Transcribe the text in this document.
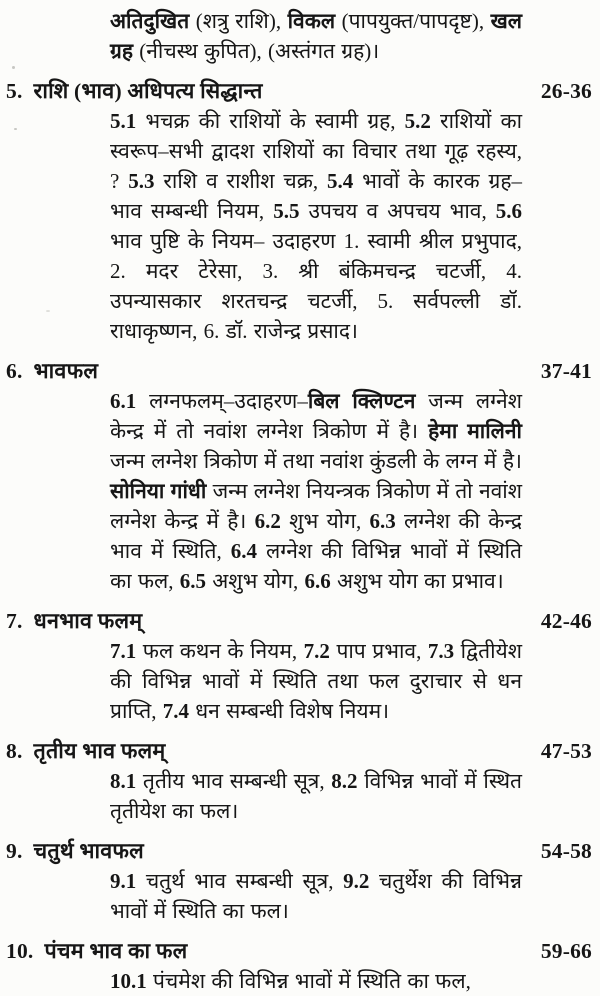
अतिदुखित (शत्रु राशि), विकल (पापयुक्त/पापदृष्ट), खल ग्रह (नीचस्थ कुपित), (अस्तंगत ग्रह)।

5. राशि (भाव) अधिपत्य सिद्धान्त	26-36

5.1 भचक्र की राशियों के स्वामी ग्रह, 5.2 राशियों का स्वरूप–सभी द्वादश राशियों का विचार तथा गूढ़ रहस्य, ? 5.3 राशि व राशीश चक्र, 5.4 भावों के कारक ग्रह–भाव सम्बन्धी नियम, 5.5 उपचय व अपचय भाव, 5.6 भाव पुष्टि के नियम– उदाहरण 1. स्वामी श्रील प्रभुपाद, 2. मदर टेरेसा, 3. श्री बंकिमचन्द्र चटर्जी, 4. उपन्यासकार शरतचन्द्र चटर्जी, 5. सर्वपल्ली डॉ. राधाकृष्णन, 6. डॉ. राजेन्द्र प्रसाद।

6. भावफल	37-41

6.1 लग्नफलम्–उदाहरण–बिल क्लिण्टन जन्म लग्नेश केन्द्र में तो नवांश लग्नेश त्रिकोण में है। हेमा मालिनी जन्म लग्नेश त्रिकोण में तथा नवांश कुंडली के लग्न में है। सोनिया गांधी जन्म लग्नेश नियन्त्रक त्रिकोण में तो नवांश लग्नेश केन्द्र में है। 6.2 शुभ योग, 6.3 लग्नेश की केन्द्र भाव में स्थिति, 6.4 लग्नेश की विभिन्न भावों में स्थिति का फल, 6.5 अशुभ योग, 6.6 अशुभ योग का प्रभाव।

7. धनभाव फलम्	42-46

7.1 फल कथन के नियम, 7.2 पाप प्रभाव, 7.3 द्वितीयेश की विभिन्न भावों में स्थिति तथा फल दुराचार से धन प्राप्ति, 7.4 धन सम्बन्धी विशेष नियम।

8. तृतीय भाव फलम्	47-53

8.1 तृतीय भाव सम्बन्धी सूत्र, 8.2 विभिन्न भावों में स्थित तृतीयेश का फल।

9. चतुर्थ भावफल	54-58

9.1 चतुर्थ भाव सम्बन्धी सूत्र, 9.2 चतुर्थेश की विभिन्न भावों में स्थिति का फल।

10. पंचम भाव का फल	59-66

10.1 पंचमेश की विभिन्न भावों में स्थिति का फल,
